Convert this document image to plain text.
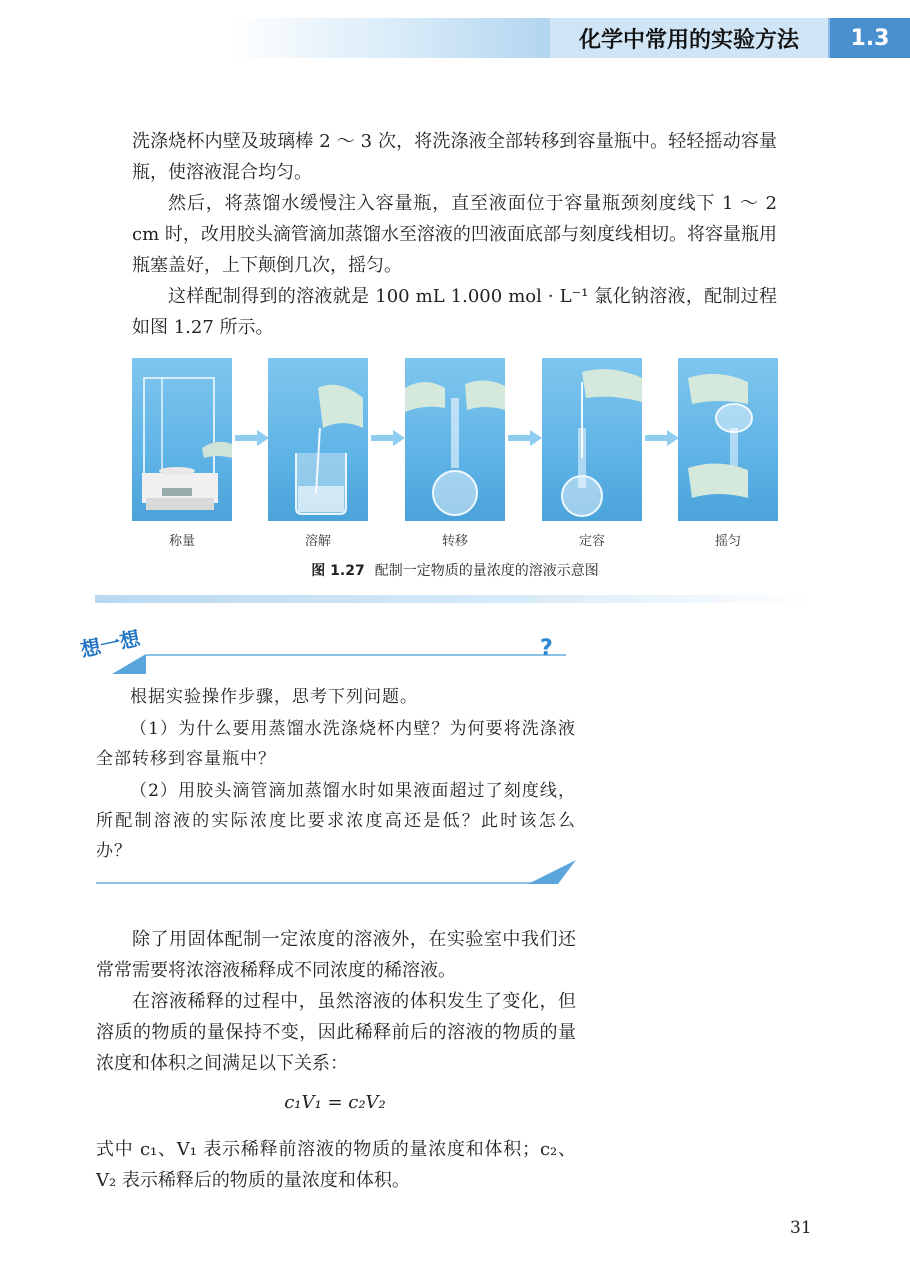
化学中常用的实验方法	1.3

洗涤烧杯内壁及玻璃棒 2 ～ 3 次，将洗涤液全部转移到容量瓶中。轻轻摇动容量瓶，使溶液混合均匀。

然后，将蒸馏水缓慢注入容量瓶，直至液面位于容量瓶颈刻度线下 1 ～ 2 cm 时，改用胶头滴管滴加蒸馏水至溶液的凹液面底部与刻度线相切。将容量瓶用瓶塞盖好，上下颠倒几次，摇匀。

这样配制得到的溶液就是 100 mL 1.000 mol · L⁻¹ 氯化钠溶液，配制过程如图 1.27 所示。

称量	溶解	转移	定容	摇匀
图 1.27 配制一定物质的量浓度的溶液示意图
想一想	?

根据实验操作步骤，思考下列问题。

（1）为什么要用蒸馏水洗涤烧杯内壁？为何要将洗涤液全部转移到容量瓶中？

（2）用胶头滴管滴加蒸馏水时如果液面超过了刻度线，所配制溶液的实际浓度比要求浓度高还是低？此时该怎么办？

除了用固体配制一定浓度的溶液外，在实验室中我们还常常需要将浓溶液稀释成不同浓度的稀溶液。

在溶液稀释的过程中，虽然溶液的体积发生了变化，但溶质的物质的量保持不变，因此稀释前后的溶液的物质的量浓度和体积之间满足以下关系：

c₁V₁ = c₂V₂

式中 c₁、V₁ 表示稀释前溶液的物质的量浓度和体积；c₂、V₂ 表示稀释后的物质的量浓度和体积。

31
